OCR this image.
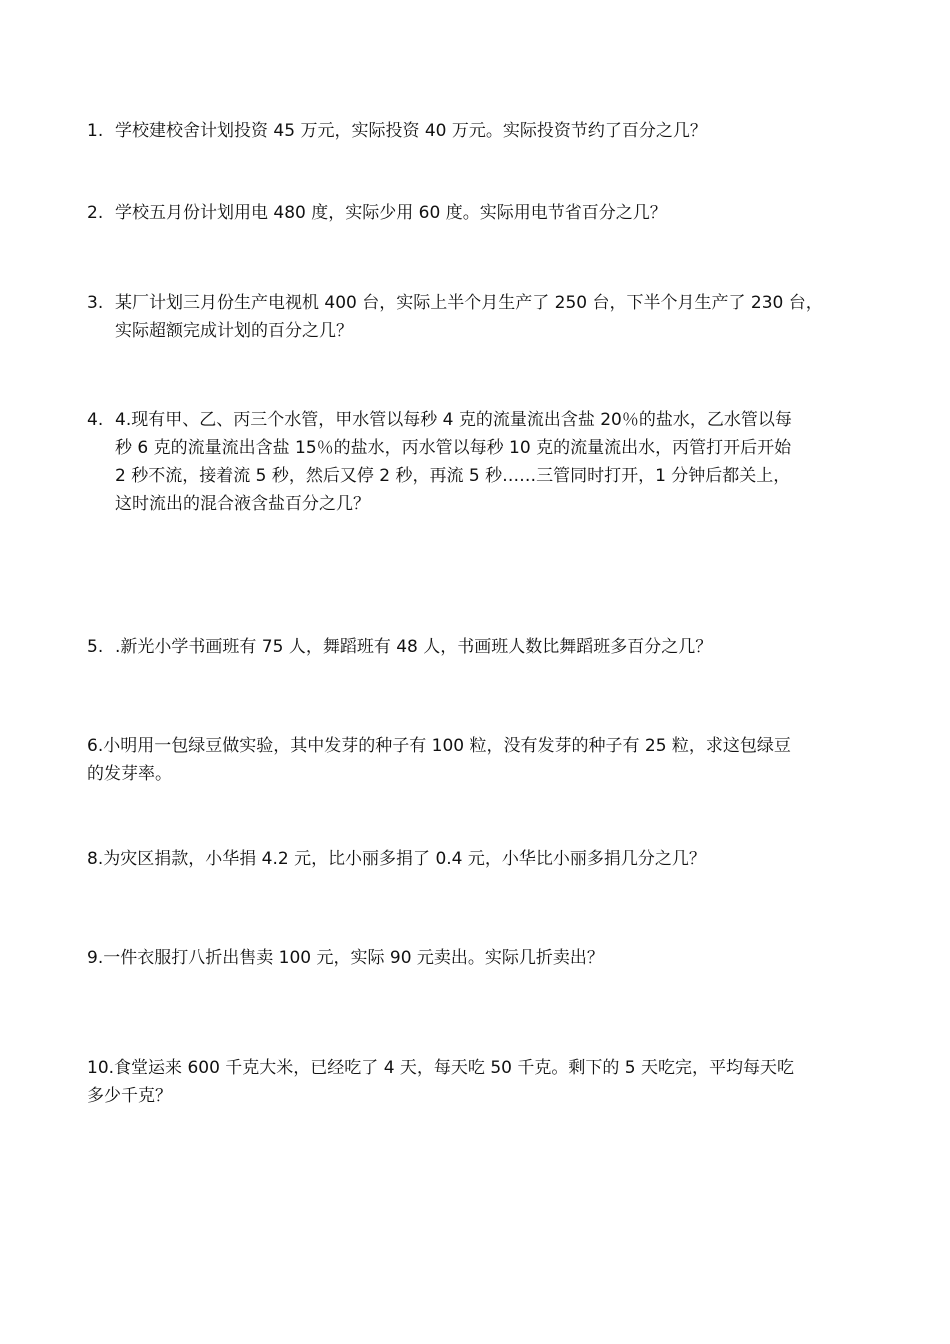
1. 学校建校舍计划投资 45 万元，实际投资 40 万元。实际投资节约了百分之几？
2. 学校五月份计划用电 480 度，实际少用 60 度。实际用电节省百分之几？
3. 某厂计划三月份生产电视机 400 台，实际上半个月生产了 250 台，下半个月生产了 230 台，
实际超额完成计划的百分之几？
4. 4.现有甲、乙、丙三个水管，甲水管以每秒 4 克的流量流出含盐 20％的盐水，乙水管以每
秒 6 克的流量流出含盐 15％的盐水，丙水管以每秒 10 克的流量流出水，丙管打开后开始
2 秒不流，接着流 5 秒，然后又停 2 秒，再流 5 秒……三管同时打开，1 分钟后都关上，
这时流出的混合液含盐百分之几？
5. .新光小学书画班有 75 人，舞蹈班有 48 人，书画班人数比舞蹈班多百分之几？
6.小明用一包绿豆做实验，其中发芽的种子有 100 粒，没有发芽的种子有 25 粒，求这包绿豆
的发芽率。
8.为灾区捐款，小华捐 4.2 元，比小丽多捐了 0.4 元，小华比小丽多捐几分之几？
9.一件衣服打八折出售卖 100 元，实际 90 元卖出。实际几折卖出？
10.食堂运来 600 千克大米，已经吃了 4 天，每天吃 50 千克。剩下的 5 天吃完，平均每天吃
多少千克？
